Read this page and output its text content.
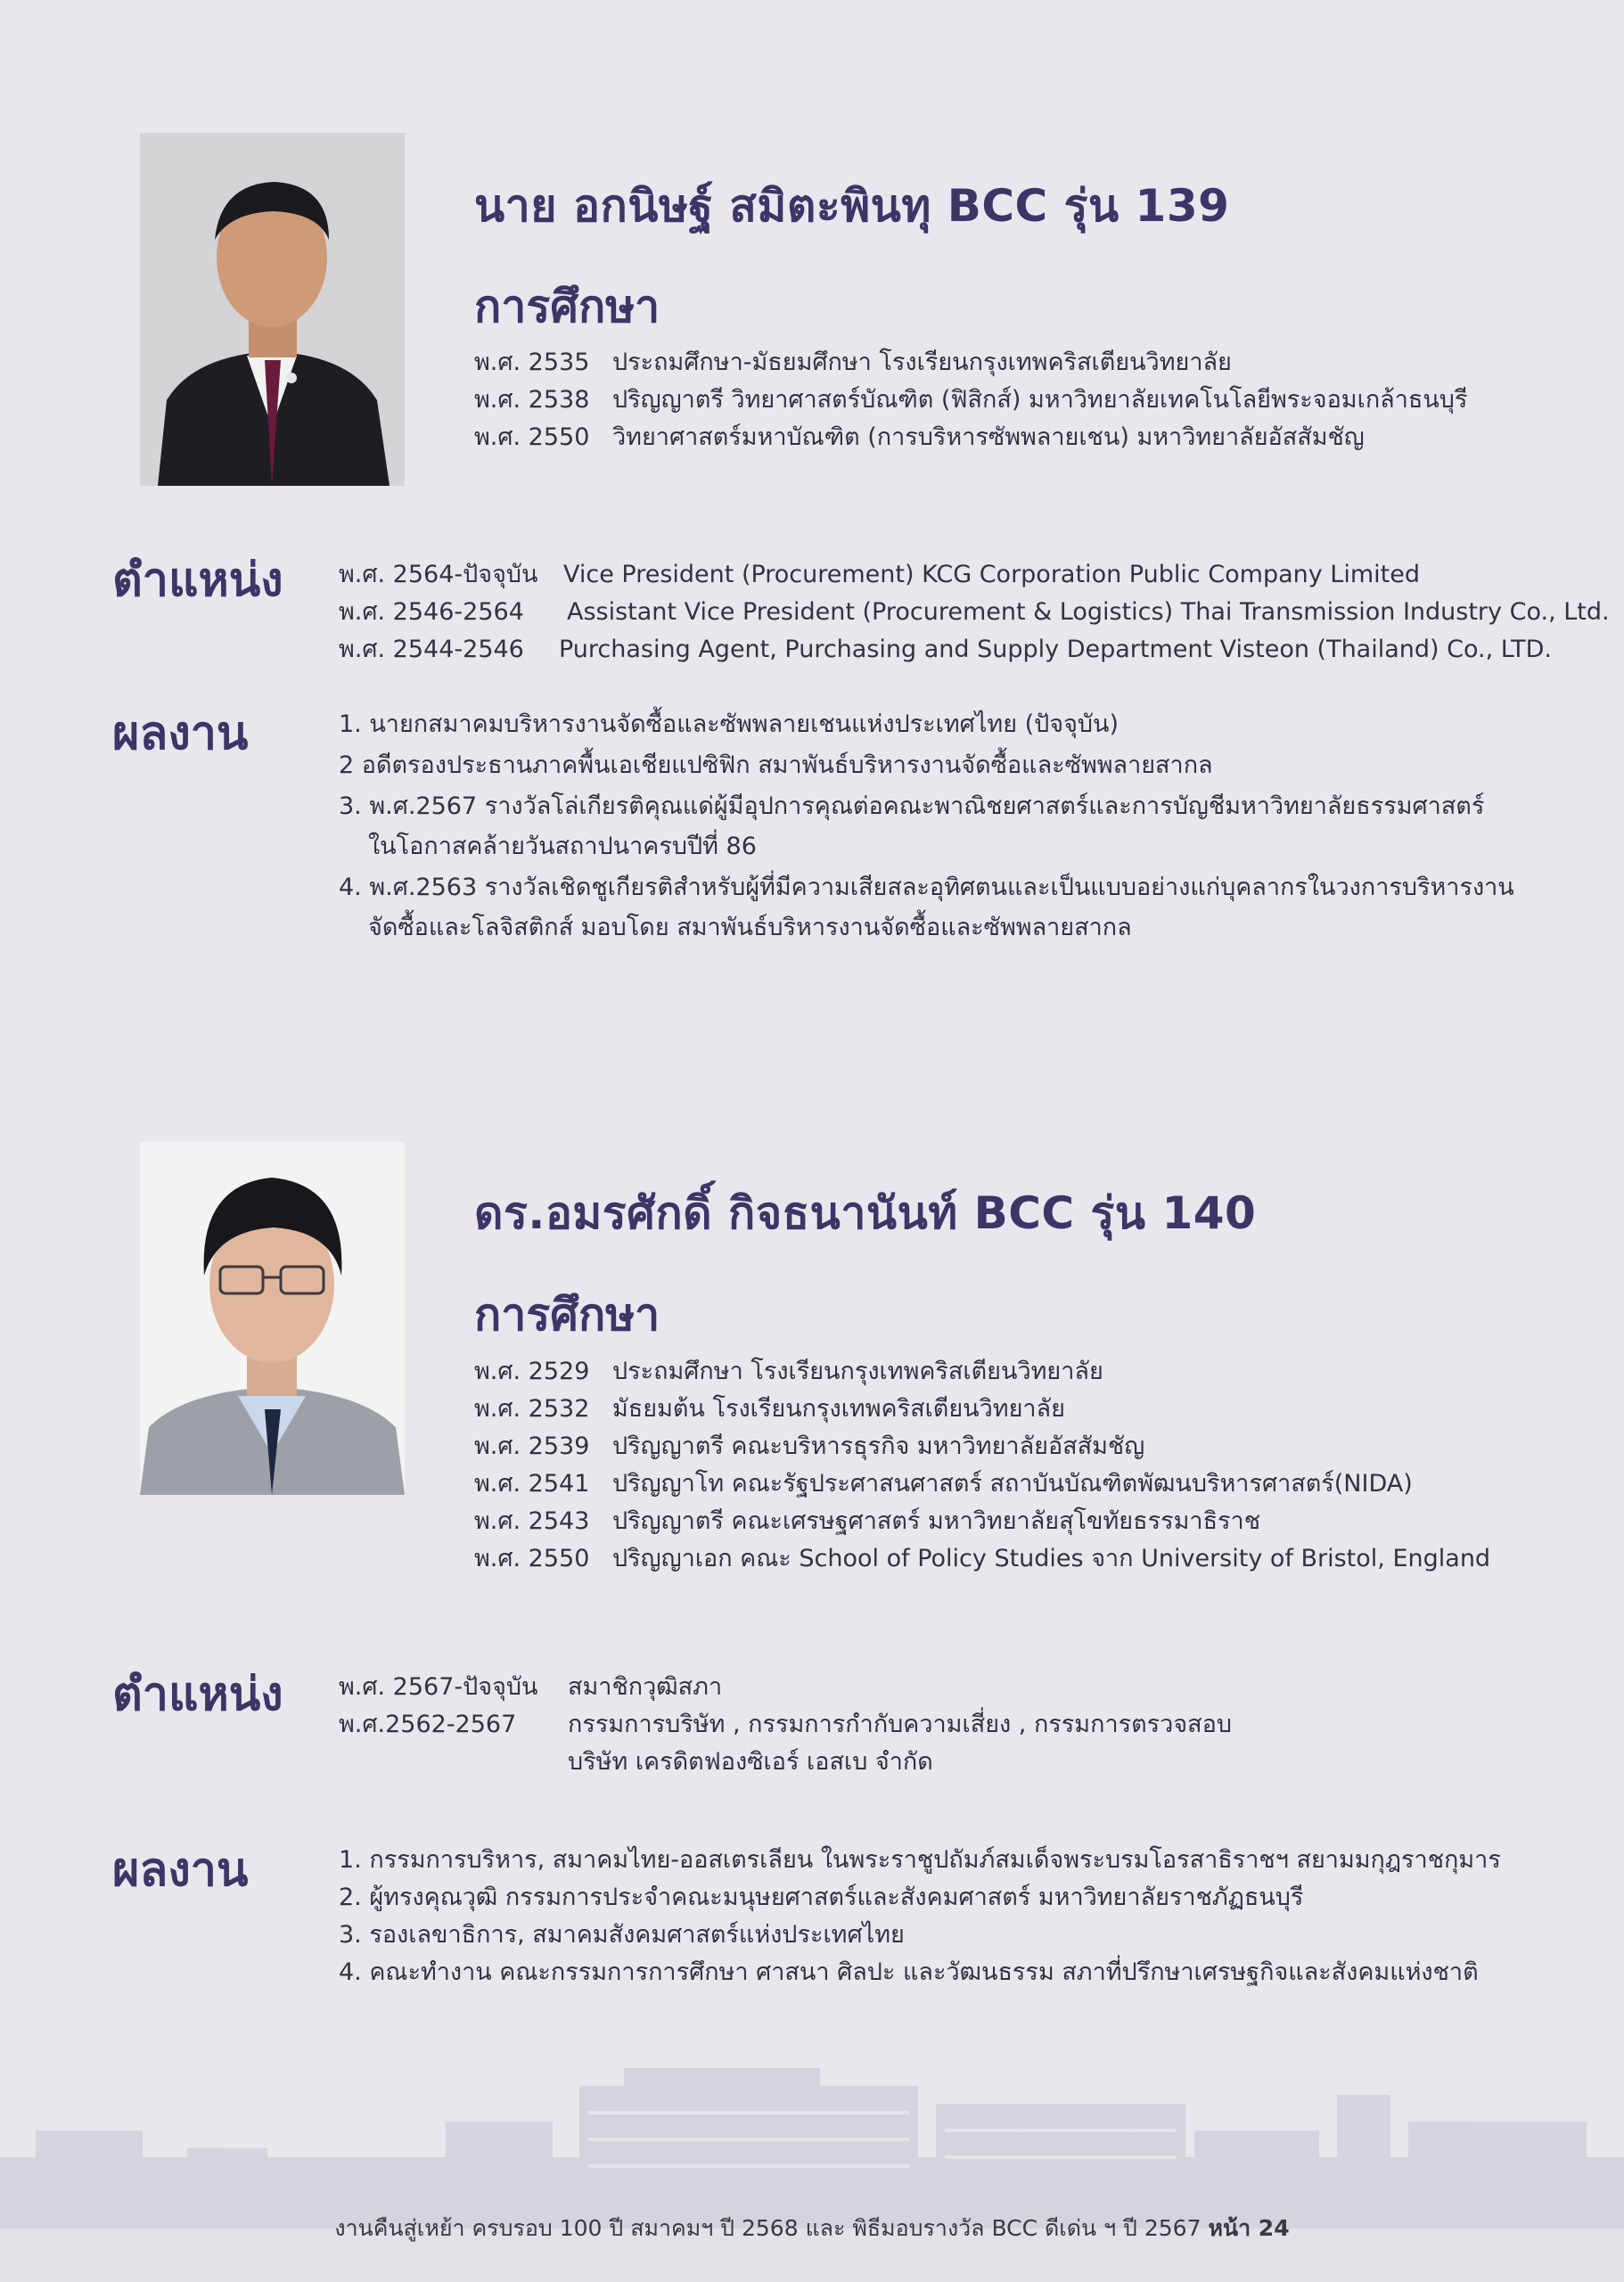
นาย อกนิษฐ์ สมิตะพินทุ BCC รุ่น 139
การศึกษา
พ.ศ. 2535 ประถมศึกษา-มัธยมศึกษา โรงเรียนกรุงเทพคริสเตียนวิทยาลัย
พ.ศ. 2538 ปริญญาตรี วิทยาศาสตร์บัณฑิต (ฟิสิกส์) มหาวิทยาลัยเทคโนโลยีพระจอมเกล้าธนบุรี
พ.ศ. 2550 วิทยาศาสตร์มหาบัณฑิต (การบริหารซัพพลายเชน) มหาวิทยาลัยอัสสัมชัญ
ตำแหน่ง พ.ศ. 2564-ปัจจุบัน Vice President (Procurement) KCG Corporation Public Company Limited
พ.ศ. 2546-2564 Assistant Vice President (Procurement & Logistics) Thai Transmission Industry Co., Ltd.
พ.ศ. 2544-2546 Purchasing Agent, Purchasing and Supply Department Visteon (Thailand) Co., LTD.
ผลงาน	1. นายกสมาคมบริหารงานจัดซื้อและซัพพลายเชนแห่งประเทศไทย (ปัจจุบัน)
2 อดีตรองประธานภาคพื้นเอเชียแปซิฟิก สมาพันธ์บริหารงานจัดซื้อและซัพพลายสากล
3. พ.ศ.2567 รางวัลโล่เกียรติคุณแด่ผู้มีอุปการคุณต่อคณะพาณิชยศาสตร์และการบัญชีมหาวิทยาลัยธรรมศาสตร์
ในโอกาสคล้ายวันสถาปนาครบปีที่ 86
4. พ.ศ.2563 รางวัลเชิดชูเกียรติสำหรับผู้ที่มีความเสียสละอุทิศตนและเป็นแบบอย่างแก่บุคลากรในวงการบริหารงาน
จัดซื้อและโลจิสติกส์ มอบโดย สมาพันธ์บริหารงานจัดซื้อและซัพพลายสากล
ดร.อมรศักดิ์ กิจธนานันท์ BCC รุ่น 140
การศึกษา
พ.ศ. 2529 ประถมศึกษา โรงเรียนกรุงเทพคริสเตียนวิทยาลัย
พ.ศ. 2532 มัธยมต้น โรงเรียนกรุงเทพคริสเตียนวิทยาลัย
พ.ศ. 2539 ปริญญาตรี คณะบริหารธุรกิจ มหาวิทยาลัยอัสสัมชัญ
พ.ศ. 2541 ปริญญาโท คณะรัฐประศาสนศาสตร์ สถาบันบัณฑิตพัฒนบริหารศาสตร์(NIDA)
พ.ศ. 2543 ปริญญาตรี คณะเศรษฐศาสตร์ มหาวิทยาลัยสุโขทัยธรรมาธิราช
พ.ศ. 2550 ปริญญาเอก คณะ School of Policy Studies จาก University of Bristol, England
ตำแหน่ง พ.ศ. 2567-ปัจจุบัน สมาชิกวุฒิสภา
พ.ศ.2562-2567 กรรมการบริษัท , กรรมการกำกับความเสี่ยง , กรรมการตรวจสอบ
บริษัท เครดิตฟองซิเอร์ เอสเบ จำกัด
ผลงาน	1. กรรมการบริหาร, สมาคมไทย-ออสเตรเลียน ในพระราชูปถัมภ์สมเด็จพระบรมโอรสาธิราชฯ สยามมกุฎราชกุมาร
2. ผู้ทรงคุณวุฒิ กรรมการประจำคณะมนุษยศาสตร์และสังคมศาสตร์ มหาวิทยาลัยราชภัฏธนบุรี
3. รองเลขาธิการ, สมาคมสังคมศาสตร์แห่งประเทศไทย
4. คณะทำงาน คณะกรรมการการศึกษา ศาสนา ศิลปะ และวัฒนธรรม สภาที่ปรึกษาเศรษฐกิจและสังคมแห่งชาติ
งานคืนสู่เหย้า ครบรอบ 100 ปี สมาคมฯ ปี 2568 และ พิธีมอบรางวัล BCC ดีเด่น ฯ ปี 2567 หน้า 24
